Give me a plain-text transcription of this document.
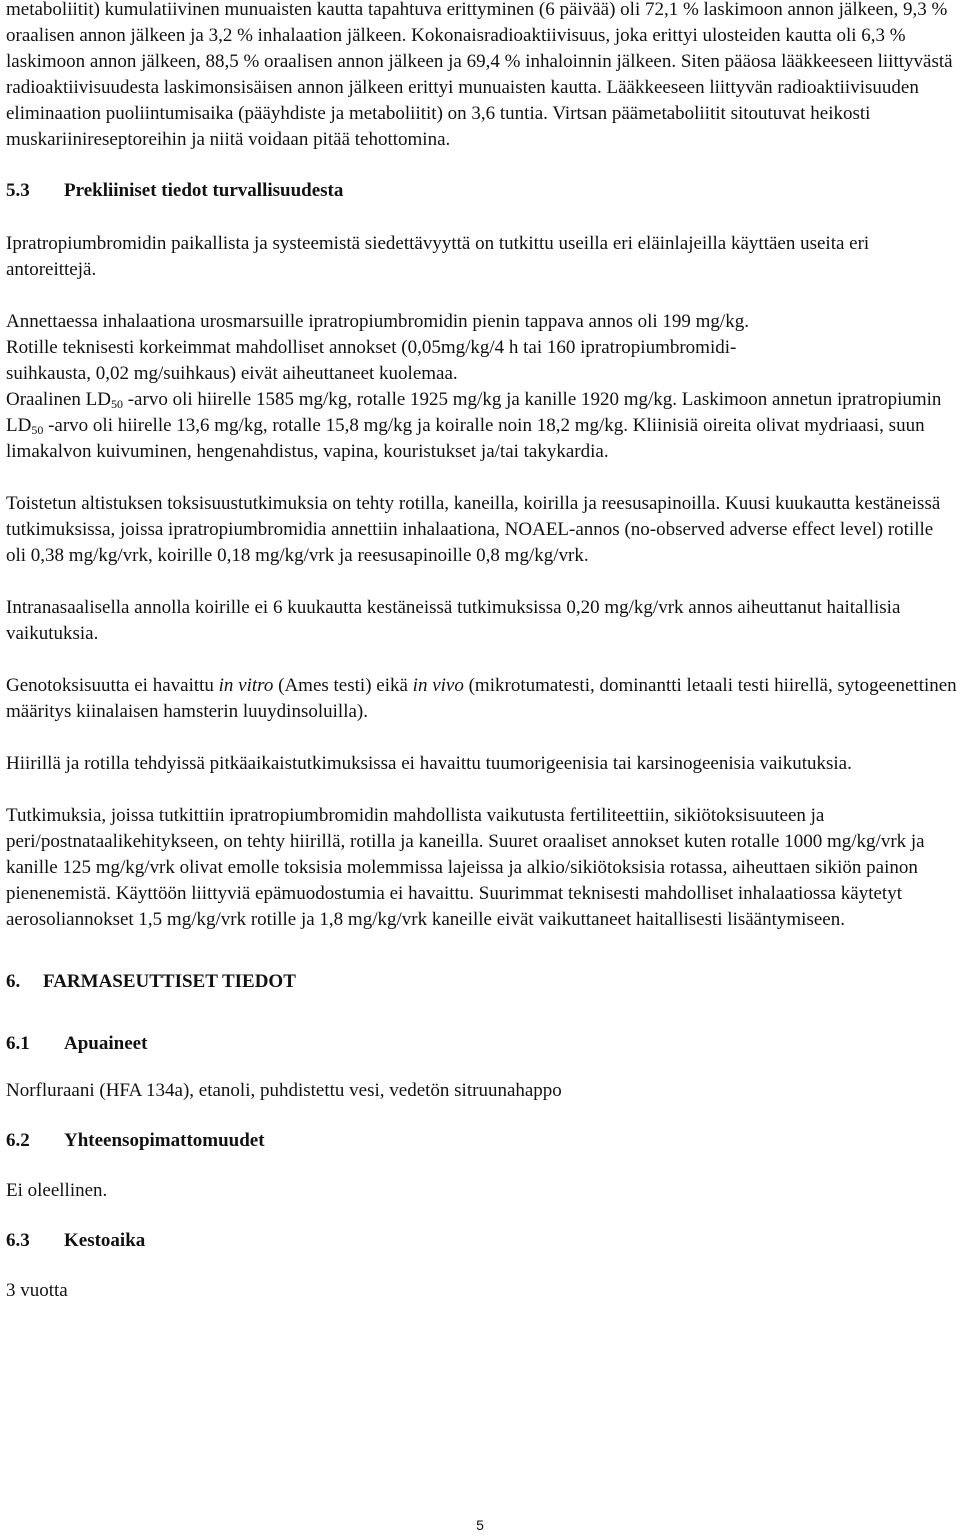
metaboliitit) kumulatiivinen munuaisten kautta tapahtuva erittyminen (6 päivää) oli 72,1 % laskimoon annon jälkeen, 9,3 % oraalisen annon jälkeen ja 3,2 % inhalaation jälkeen. Kokonaisradioaktiivisuus, joka erittyi ulosteiden kautta oli 6,3 % laskimoon annon jälkeen, 88,5 % oraalisen annon jälkeen ja 69,4 % inhaloinnin jälkeen. Siten pääosa lääkkeeseen liittyvästä radioaktiivisuudesta laskimonsisäisen annon jälkeen erittyi munuaisten kautta. Lääkkeeseen liittyvän radioaktiivisuuden eliminaation puoliintumisaika (pääyhdiste ja metaboliitit) on 3,6 tuntia. Virtsan päämetaboliitit sitoutuvat heikosti muskariinireseptoreihin ja niitä voidaan pitää tehottomina.

5.3 Prekliiniset tiedot turvallisuudesta

Ipratropiumbromidin paikallista ja systeemistä siedettävyyttä on tutkittu useilla eri eläinlajeilla käyttäen useita eri antoreittejä.

Annettaessa inhalaationa urosmarsuille ipratropiumbromidin pienin tappava annos oli 199 mg/kg.

Rotille teknisesti korkeimmat mahdolliset annokset (0,05mg/kg/4 h tai 160 ipratropiumbromidi-

suihkausta, 0,02 mg/suihkaus) eivät aiheuttaneet kuolemaa.

Oraalinen $LD_{50}$ -arvo oli hiirelle 1585 mg/kg, rotalle 1925 mg/kg ja kanille 1920 mg/kg. Laskimoon annetun ipratropiumin $LD_{50}$ -arvo oli hiirelle 13,6 mg/kg, rotalle 15,8 mg/kg ja koiralle noin 18,2 mg/kg. Kliinisiä oireita olivat mydriaasi, suun limakalvon kuivuminen, hengenahdistus, vapina, kouristukset ja/tai takykardia.

Toistetun altistuksen toksisuustutkimuksia on tehty rotilla, kaneilla, koirilla ja reesusapinoilla. Kuusi kuukautta kestäneissä tutkimuksissa, joissa ipratropiumbromidia annettiin inhalaationa, NOAEL-annos (no-observed adverse effect level) rotille oli 0,38 mg/kg/vrk, koirille 0,18 mg/kg/vrk ja reesusapinoille 0,8 mg/kg/vrk.

Intranasaalisella annolla koirille ei 6 kuukautta kestäneissä tutkimuksissa 0,20 mg/kg/vrk annos aiheuttanut haitallisia vaikutuksia.

Genotoksisuutta ei havaittu in vitro (Ames testi) eikä in vivo (mikrotumatesti, dominantti letaali testi hiirellä, sytogeenettinen määritys kiinalaisen hamsterin luuydinsoluilla).

Hiirillä ja rotilla tehdyissä pitkäaikaistutkimuksissa ei havaittu tuumorigeenisia tai karsinogeenisia vaikutuksia.

Tutkimuksia, joissa tutkittiin ipratropiumbromidin mahdollista vaikutusta fertiliteettiin, sikiötoksisuuteen ja peri/postnataalikehitykseen, on tehty hiirillä, rotilla ja kaneilla. Suuret oraaliset annokset kuten rotalle 1000 mg/kg/vrk ja kanille 125 mg/kg/vrk olivat emolle toksisia molemmissa lajeissa ja alkio/sikiötoksisia rotassa, aiheuttaen sikiön painon pienenemistä. Käyttöön liittyviä epämuodostumia ei havaittu. Suurimmat teknisesti mahdolliset inhalaatiossa käytetyt aerosoliannokset 1,5 mg/kg/vrk rotille ja 1,8 mg/kg/vrk kaneille eivät vaikuttaneet haitallisesti lisääntymiseen.

6. FARMASEUTTISET TIEDOT
6.1 Apuaineet

Norfluraani (HFA 134a), etanoli, puhdistettu vesi, vedetön sitruunahappo

6.2 Yhteensopimattomuudet

Ei oleellinen.

6.3 Kestoaika

3 vuotta

5
